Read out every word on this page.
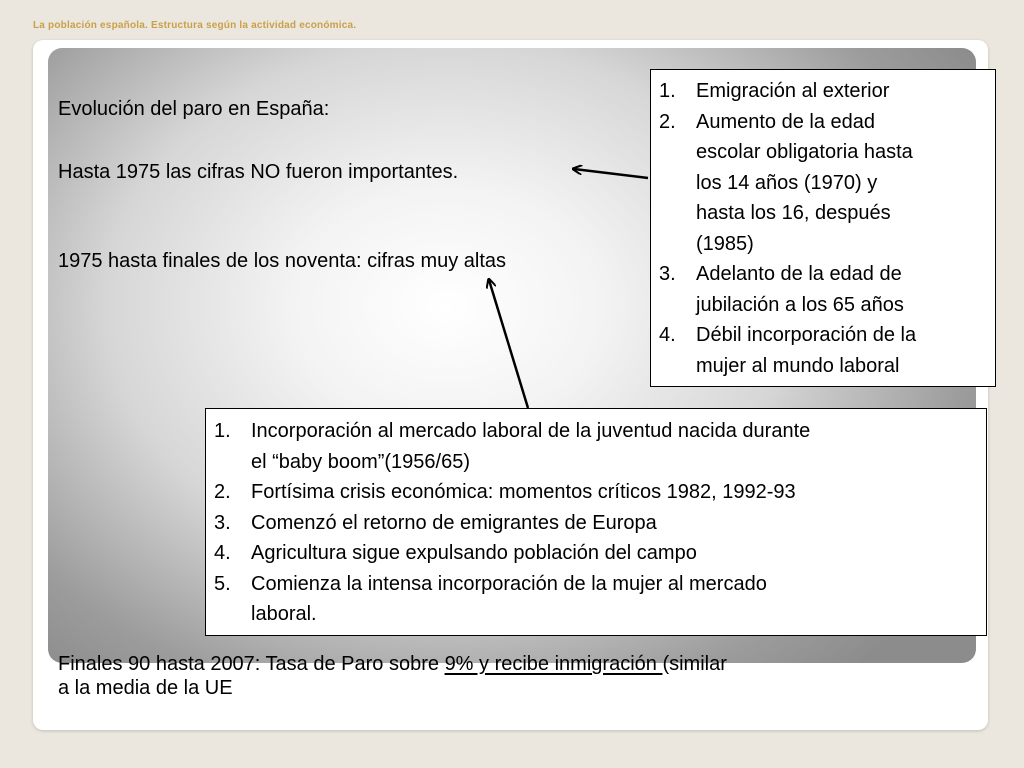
La población española. Estructura según la actividad económica.

Evolución del paro en España:

Hasta 1975 las cifras NO fueron importantes.

1975 hasta finales de los noventa: cifras muy altas

1. Emigración al exterior
2. Aumento de la edad
escolar obligatoria hasta
los 14 años (1970) y
hasta los 16, después
(1985)
3. Adelanto de la edad de
jubilación a los 65 años
4. Débil incorporación de la
mujer al mundo laboral
1. Incorporación al mercado laboral de la juventud nacida durante
el “baby boom”(1956/65)
2. Fortísima crisis económica: momentos críticos 1982, 1992-93
3. Comenzó el retorno de emigrantes de Europa
4. Agricultura sigue expulsando población del campo
5. Comienza la intensa incorporación de la mujer al mercado
laboral.

Finales 90 hasta 2007: Tasa de Paro sobre 9% y recibe inmigración (similar
a la media de la UE
